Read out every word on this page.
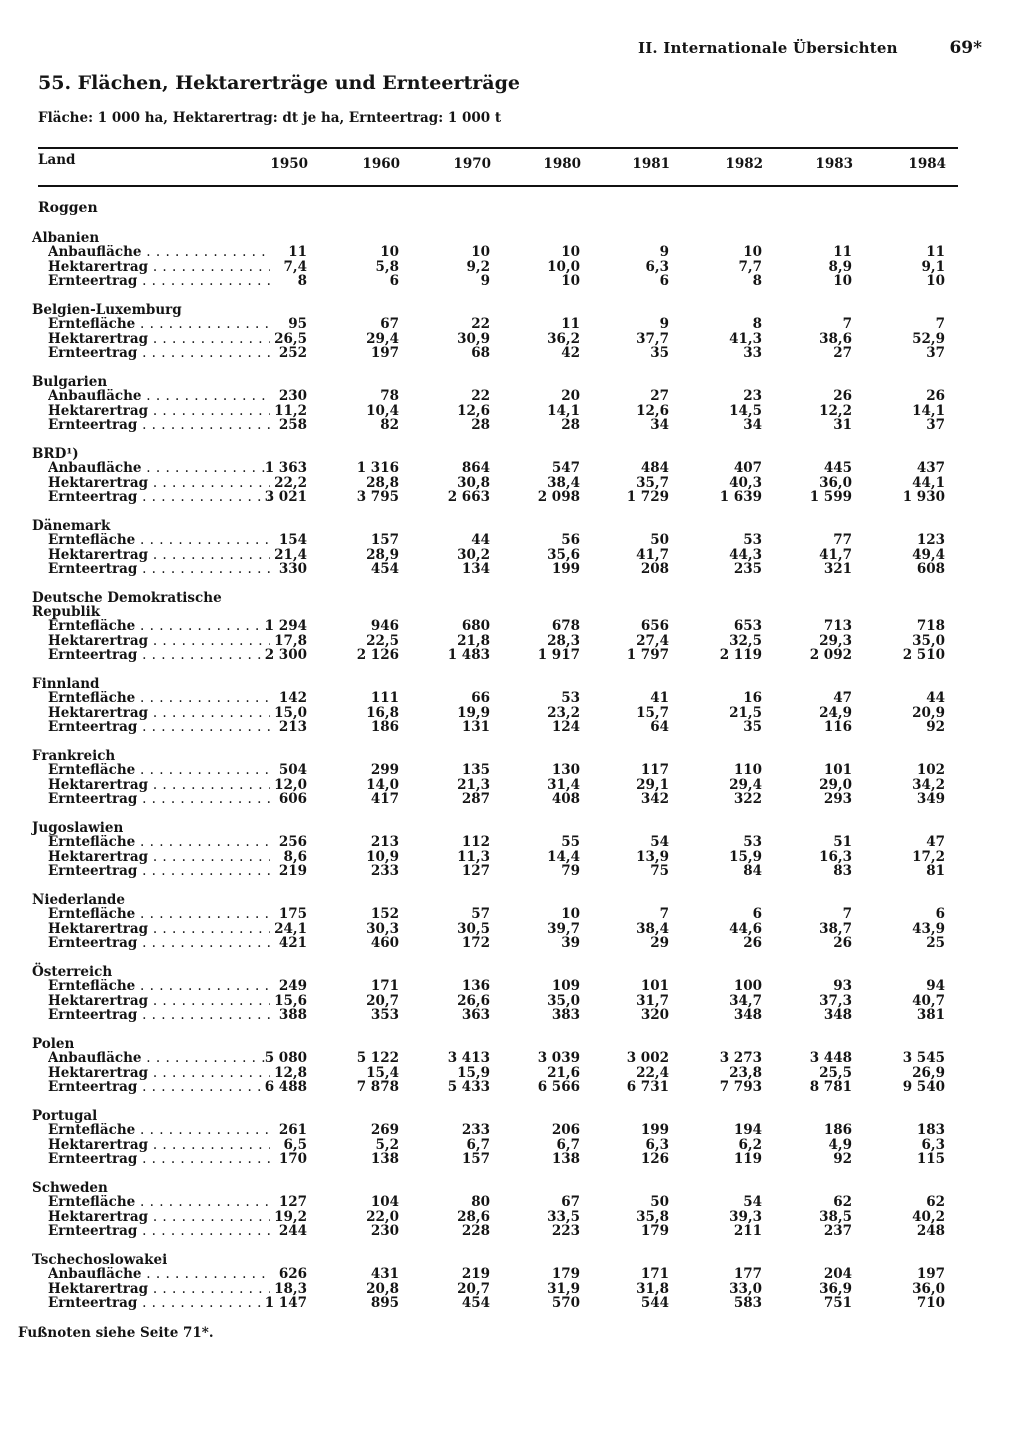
II. Internationale Übersichten	69*
55. Flächen, Hektarerträge und Ernteerträge
Fläche: 1 000 ha, Hektarertrag: dt je ha, Ernteertrag: 1 000 t
Land	1950	1960	1970	1980	1981	1982	1983	1984
Roggen
Albanien
Anbaufläche . . .	11	10	10	10	9	10	11	11
Hektarertrag . . .	7,4	5,8	9,2	10,0	6,3	7,7	8,9	9,1
Ernteertrag . . .	8	6	9	10	6	8	10	10
Belgien-Luxemburg
Erntefläche . . .	95	67	22	11	9	8	7	7
Hektarertrag . . .	26,5	29,4	30,9	36,2	37,7	41,3	38,6	52,9
Ernteertrag . . .	252	197	68	42	35	33	27	37
Bulgarien
Anbaufläche . . .	230	78	22	20	27	23	26	26
Hektarertrag . . .	11,2	10,4	12,6	14,1	12,6	14,5	12,2	14,1
Ernteertrag . . .	258	82	28	28	34	34	31	37
BRD¹)
Anbaufläche . . .	1 363	1 316	864	547	484	407	445	437
Hektarertrag . . .	22,2	28,8	30,8	38,4	35,7	40,3	36,0	44,1
Ernteertrag . . .	3 021	3 795	2 663	2 098	1 729	1 639	1 599	1 930
Dänemark
Erntefläche . . .	154	157	44	56	50	53	77	123
Hektarertrag . . .	21,4	28,9	30,2	35,6	41,7	44,3	41,7	49,4
Ernteertrag . . .	330	454	134	199	208	235	321	608
Deutsche Demokratische Republik
Erntefläche . . .	1 294	946	680	678	656	653	713	718
Hektarertrag . . .	17,8	22,5	21,8	28,3	27,4	32,5	29,3	35,0
Ernteertrag . . .	2 300	2 126	1 483	1 917	1 797	2 119	2 092	2 510
Finnland
Erntefläche . . .	142	111	66	53	41	16	47	44
Hektarertrag . . .	15,0	16,8	19,9	23,2	15,7	21,5	24,9	20,9
Ernteertrag . . .	213	186	131	124	64	35	116	92
Frankreich
Erntefläche . . .	504	299	135	130	117	110	101	102
Hektarertrag . . .	12,0	14,0	21,3	31,4	29,1	29,4	29,0	34,2
Ernteertrag . . .	606	417	287	408	342	322	293	349
Jugoslawien
Erntefläche . . .	256	213	112	55	54	53	51	47
Hektarertrag . . .	8,6	10,9	11,3	14,4	13,9	15,9	16,3	17,2
Ernteertrag . . .	219	233	127	79	75	84	83	81
Niederlande
Erntefläche . . .	175	152	57	10	7	6	7	6
Hektarertrag . . .	24,1	30,3	30,5	39,7	38,4	44,6	38,7	43,9
Ernteertrag . . .	421	460	172	39	29	26	26	25
Österreich
Erntefläche . . .	249	171	136	109	101	100	93	94
Hektarertrag . . .	15,6	20,7	26,6	35,0	31,7	34,7	37,3	40,7
Ernteertrag . . .	388	353	363	383	320	348	348	381
Polen
Anbaufläche . . .	5 080	5 122	3 413	3 039	3 002	3 273	3 448	3 545
Hektarertrag . . .	12,8	15,4	15,9	21,6	22,4	23,8	25,5	26,9
Ernteertrag . . .	6 488	7 878	5 433	6 566	6 731	7 793	8 781	9 540
Portugal
Erntefläche . . .	261	269	233	206	199	194	186	183
Hektarertrag . . .	6,5	5,2	6,7	6,7	6,3	6,2	4,9	6,3
Ernteertrag . . .	170	138	157	138	126	119	92	115
Schweden
Erntefläche . . .	127	104	80	67	50	54	62	62
Hektarertrag . . .	19,2	22,0	28,6	33,5	35,8	39,3	38,5	40,2
Ernteertrag . . .	244	230	228	223	179	211	237	248
Tschechoslowakei
Anbaufläche . . .	626	431	219	179	171	177	204	197
Hektarertrag . . .	18,3	20,8	20,7	31,9	31,8	33,0	36,9	36,0
Ernteertrag . . .	1 147	895	454	570	544	583	751	710
Fußnoten siehe Seite 71*.
